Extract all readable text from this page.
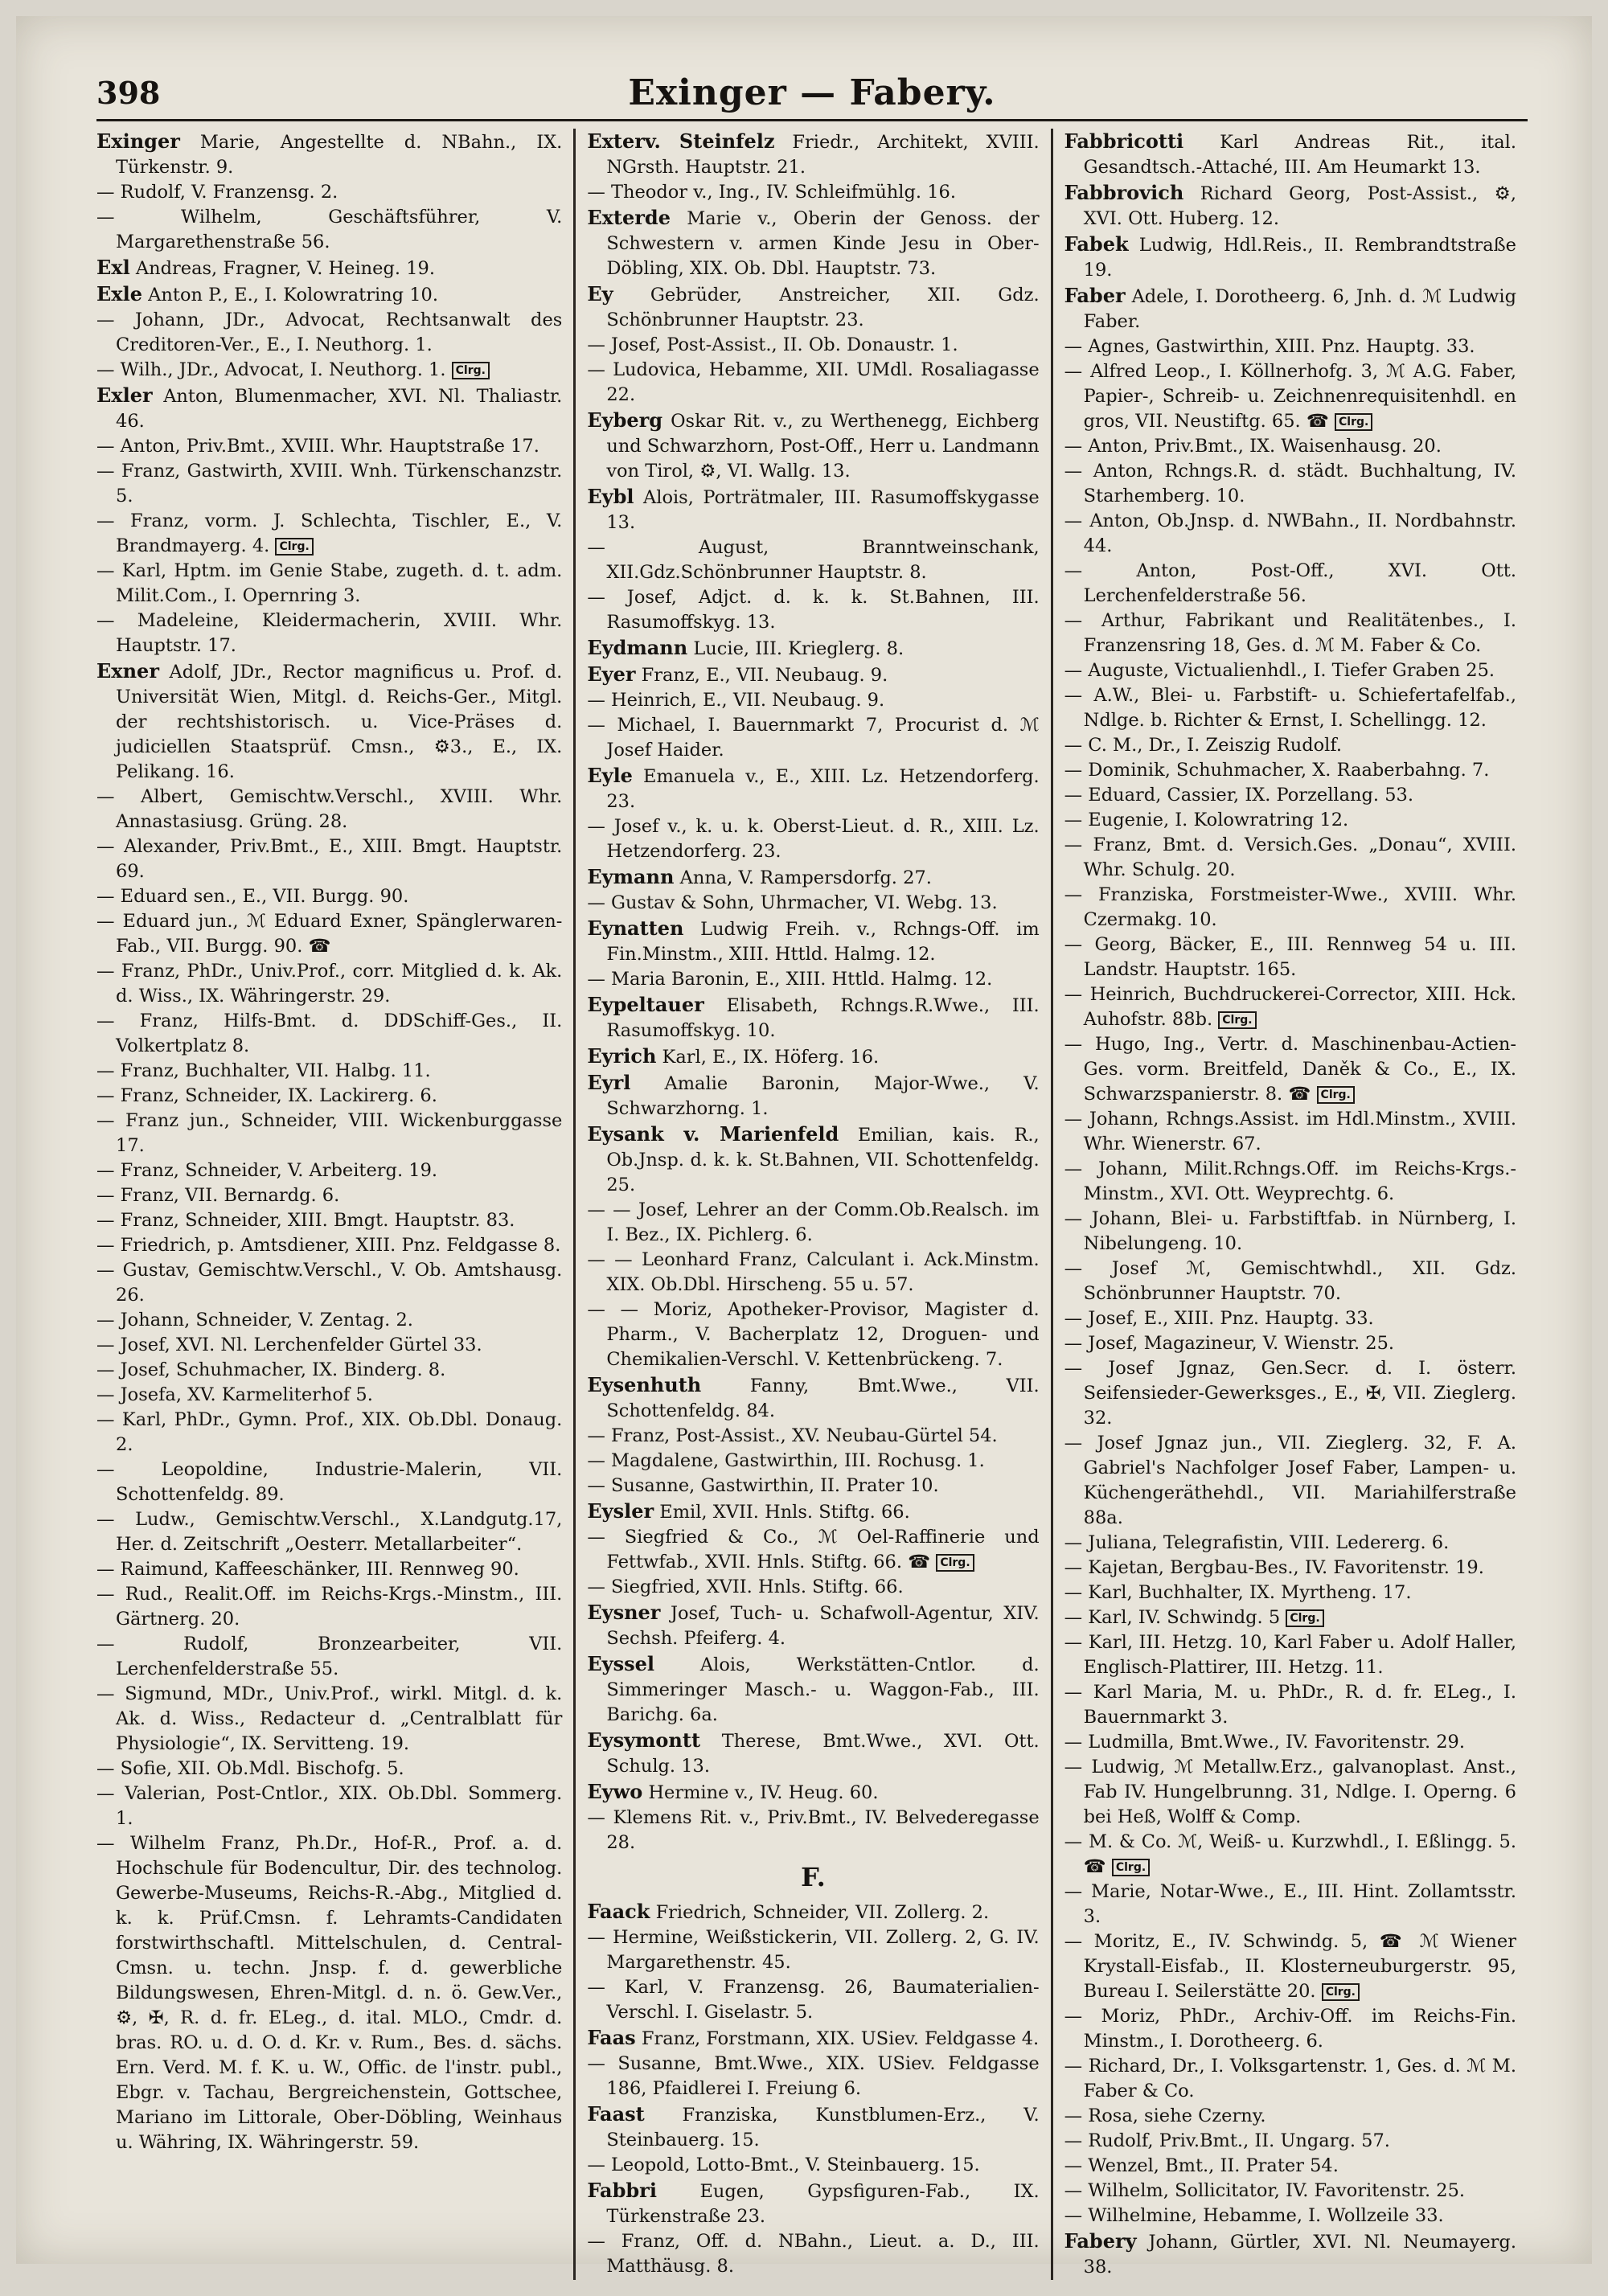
398	Exinger — Fabery.

Exinger Marie, Angestellte d. NBahn., IX. Türkenstr. 9.

— Rudolf, V. Franzensg. 2.

— Wilhelm, Geschäftsführer, V. Margarethenstraße 56.

Exl Andreas, Fragner, V. Heineg. 19.

Exle Anton P., E., I. Kolowratring 10.

— Johann, JDr., Advocat, Rechtsanwalt des Creditoren-Ver., E., I. Neuthorg. 1.

— Wilh., JDr., Advocat, I. Neuthorg. 1. Clrg.

Exler Anton, Blumenmacher, XVI. Nl. Thaliastr. 46.

— Anton, Priv.Bmt., XVIII. Whr. Hauptstraße 17.

— Franz, Gastwirth, XVIII. Wnh. Türkenschanzstr. 5.

— Franz, vorm. J. Schlechta, Tischler, E., V. Brandmayerg. 4. Clrg.

— Karl, Hptm. im Genie Stabe, zugeth. d. t. adm. Milit.Com., I. Opernring 3.

— Madeleine, Kleidermacherin, XVIII. Whr. Hauptstr. 17.

Exner Adolf, JDr., Rector magnificus u. Prof. d. Universität Wien, Mitgl. d. Reichs-Ger., Mitgl. der rechtshistorisch. u. Vice-Präses d. judiciellen Staatsprüf. Cmsn., ⚙3., E., IX. Pelikang. 16.

— Albert, Gemischtw.Verschl., XVIII. Whr. Annastasiusg. Grüng. 28.

— Alexander, Priv.Bmt., E., XIII. Bmgt. Hauptstr. 69.

— Eduard sen., E., VII. Burgg. 90.

— Eduard jun., ℳ Eduard Exner, Spänglerwaren-Fab., VII. Burgg. 90. ☎

— Franz, PhDr., Univ.Prof., corr. Mitglied d. k. Ak. d. Wiss., IX. Währingerstr. 29.

— Franz, Hilfs-Bmt. d. DDSchiff-Ges., II. Volkertplatz 8.

— Franz, Buchhalter, VII. Halbg. 11.

— Franz, Schneider, IX. Lackirerg. 6.

— Franz jun., Schneider, VIII. Wickenburggasse 17.

— Franz, Schneider, V. Arbeiterg. 19.

— Franz, VII. Bernardg. 6.

— Franz, Schneider, XIII. Bmgt. Hauptstr. 83.

— Friedrich, p. Amtsdiener, XIII. Pnz. Feldgasse 8.

— Gustav, Gemischtw.Verschl., V. Ob. Amtshausg. 26.

— Johann, Schneider, V. Zentag. 2.

— Josef, XVI. Nl. Lerchenfelder Gürtel 33.

— Josef, Schuhmacher, IX. Binderg. 8.

— Josefa, XV. Karmeliterhof 5.

— Karl, PhDr., Gymn. Prof., XIX. Ob.Dbl. Donaug. 2.

— Leopoldine, Industrie-Malerin, VII. Schottenfeldg. 89.

— Ludw., Gemischtw.Verschl., X.Landgutg.17, Her. d. Zeitschrift „Oesterr. Metallarbeiter“.

— Raimund, Kaffeeschänker, III. Rennweg 90.

— Rud., Realit.Off. im Reichs-Krgs.-Minstm., III. Gärtnerg. 20.

— Rudolf, Bronzearbeiter, VII. Lerchenfelderstraße 55.

— Sigmund, MDr., Univ.Prof., wirkl. Mitgl. d. k. Ak. d. Wiss., Redacteur d. „Centralblatt für Physiologie“, IX. Servitteng. 19.

— Sofie, XII. Ob.Mdl. Bischofg. 5.

— Valerian, Post-Cntlor., XIX. Ob.Dbl. Sommerg. 1.

— Wilhelm Franz, Ph.Dr., Hof-R., Prof. a. d. Hochschule für Bodencultur, Dir. des technolog. Gewerbe-Museums, Reichs-R.-Abg., Mitglied d. k. k. Prüf.Cmsn. f. Lehramts-Candidaten forstwirthschaftl. Mittelschulen, d. Central-Cmsn. u. techn. Jnsp. f. d. gewerbliche Bildungswesen, Ehren-Mitgl. d. n. ö. Gew.Ver., ⚙, ✠, R. d. fr. ELeg., d. ital. MLO., Cmdr. d. bras. RO. u. d. O. d. Kr. v. Rum., Bes. d. sächs. Ern. Verd. M. f. K. u. W., Offic. de l'instr. publ., Ebgr. v. Tachau, Bergreichenstein, Gottschee, Mariano im Littorale, Ober-Döbling, Weinhaus u. Währing, IX. Währingerstr. 59.

Exterv. Steinfelz Friedr., Architekt, XVIII. NGrsth. Hauptstr. 21.

— Theodor v., Ing., IV. Schleifmühlg. 16.

Exterde Marie v., Oberin der Genoss. der Schwestern v. armen Kinde Jesu in Ober-Döbling, XIX. Ob. Dbl. Hauptstr. 73.

Ey Gebrüder, Anstreicher, XII. Gdz. Schönbrunner Hauptstr. 23.

— Josef, Post-Assist., II. Ob. Donaustr. 1.

— Ludovica, Hebamme, XII. UMdl. Rosaliagasse 22.

Eyberg Oskar Rit. v., zu Werthenegg, Eichberg und Schwarzhorn, Post-Off., Herr u. Landmann von Tirol, ⚙, VI. Wallg. 13.

Eybl Alois, Porträtmaler, III. Rasumoffskygasse 13.

— August, Branntweinschank, XII.Gdz.Schönbrunner Hauptstr. 8.

— Josef, Adjct. d. k. k. St.Bahnen, III. Rasumoffskyg. 13.

Eydmann Lucie, III. Krieglerg. 8.

Eyer Franz, E., VII. Neubaug. 9.

— Heinrich, E., VII. Neubaug. 9.

— Michael, I. Bauernmarkt 7, Procurist d. ℳ Josef Haider.

Eyle Emanuela v., E., XIII. Lz. Hetzendorferg. 23.

— Josef v., k. u. k. Oberst-Lieut. d. R., XIII. Lz. Hetzendorferg. 23.

Eymann Anna, V. Rampersdorfg. 27.

— Gustav & Sohn, Uhrmacher, VI. Webg. 13.

Eynatten Ludwig Freih. v., Rchngs-Off. im Fin.Minstm., XIII. Httld. Halmg. 12.

— Maria Baronin, E., XIII. Httld. Halmg. 12.

Eypeltauer Elisabeth, Rchngs.R.Wwe., III. Rasumoffskyg. 10.

Eyrich Karl, E., IX. Höferg. 16.

Eyrl Amalie Baronin, Major-Wwe., V. Schwarzhorng. 1.

Eysank v. Marienfeld Emilian, kais. R., Ob.Jnsp. d. k. k. St.Bahnen, VII. Schottenfeldg. 25.

— — Josef, Lehrer an der Comm.Ob.Realsch. im I. Bez., IX. Pichlerg. 6.

— — Leonhard Franz, Calculant i. Ack.Minstm. XIX. Ob.Dbl. Hirscheng. 55 u. 57.

— — Moriz, Apotheker-Provisor, Magister d. Pharm., V. Bacherplatz 12, Droguen- und Chemikalien-Verschl. V. Kettenbrückeng. 7.

Eysenhuth	Fanny, Bmt.Wwe., VII. Schottenfeldg. 84.

— Franz, Post-Assist., XV. Neubau-Gürtel 54.

— Magdalene, Gastwirthin, III. Rochusg. 1.

— Susanne, Gastwirthin, II. Prater 10.

Eysler Emil, XVII. Hnls. Stiftg. 66.

— Siegfried & Co., ℳ Oel-Raffinerie und Fettwfab., XVII. Hnls. Stiftg. 66. ☎ Clrg.

— Siegfried, XVII. Hnls. Stiftg. 66.

Eysner Josef, Tuch- u. Schafwoll-Agentur, XIV. Sechsh. Pfeiferg. 4.

Eyssel	Alois, Werkstätten-Cntlor. d. Simmeringer Masch.- u. Waggon-Fab., III. Barichg. 6a.

Eysymontt Therese, Bmt.Wwe., XVI. Ott. Schulg. 13.

Eywo Hermine v., IV. Heug. 60.

— Klemens Rit. v., Priv.Bmt., IV. Belvederegasse 28.

F.

Faack Friedrich, Schneider, VII. Zollerg. 2.

— Hermine, Weißstickerin, VII. Zollerg. 2, G. IV. Margarethenstr. 45.

— Karl, V. Franzensg. 26, Baumaterialien-Verschl. I. Giselastr. 5.

Faas Franz, Forstmann, XIX. USiev. Feldgasse 4.

— Susanne, Bmt.Wwe., XIX. USiev. Feldgasse 186, Pfaidlerei I. Freiung 6.

Faast Franziska, Kunstblumen-Erz., V. Steinbauerg. 15.

— Leopold, Lotto-Bmt., V. Steinbauerg. 15.

Fabbri Eugen, Gypsfiguren-Fab., IX. Türkenstraße 23.

— Franz, Off. d. NBahn., Lieut. a. D., III. Matthäusg. 8.

Fabbricotti Karl Andreas Rit., ital. Gesandtsch.-Attaché, III. Am Heumarkt 13.

Fabbrovich Richard Georg, Post-Assist., ⚙, XVI. Ott. Huberg. 12.

Fabek Ludwig, Hdl.Reis., II. Rembrandtstraße 19.

Faber Adele, I. Dorotheerg. 6, Jnh. d. ℳ Ludwig Faber.

— Agnes, Gastwirthin, XIII. Pnz. Hauptg. 33.

— Alfred Leop., I. Köllnerhofg. 3, ℳ A.G. Faber, Papier-, Schreib- u. Zeichnenrequisitenhdl. en gros, VII. Neustiftg. 65. ☎ Clrg.

— Anton, Priv.Bmt., IX. Waisenhausg. 20.

— Anton, Rchngs.R. d. städt. Buchhaltung, IV. Starhemberg. 10.

— Anton, Ob.Jnsp. d. NWBahn., II. Nordbahnstr. 44.

— Anton, Post-Off., XVI. Ott. Lerchenfelderstraße 56.

— Arthur, Fabrikant und Realitätenbes., I. Franzensring 18, Ges. d. ℳ M. Faber & Co.

— Auguste, Victualienhdl., I. Tiefer Graben 25.

— A.W., Blei- u. Farbstift- u. Schiefertafelfab., Ndlge. b. Richter & Ernst, I. Schellingg. 12.

— C. M., Dr., I. Zeiszig Rudolf.

— Dominik, Schuhmacher, X. Raaberbahng. 7.

— Eduard, Cassier, IX. Porzellang. 53.

— Eugenie, I. Kolowratring 12.

— Franz, Bmt. d. Versich.Ges. „Donau“, XVIII. Whr. Schulg. 20.

— Franziska, Forstmeister-Wwe., XVIII. Whr. Czermakg. 10.

— Georg, Bäcker, E., III. Rennweg 54 u. III. Landstr. Hauptstr. 165.

— Heinrich, Buchdruckerei-Corrector, XIII. Hck. Auhofstr. 88b. Clrg.

— Hugo, Ing., Vertr. d. Maschinenbau-Actien-Ges. vorm. Breitfeld, Daněk & Co., E., IX. Schwarzspanierstr. 8. ☎ Clrg.

— Johann, Rchngs.Assist. im Hdl.Minstm., XVIII. Whr. Wienerstr. 67.

— Johann, Milit.Rchngs.Off. im Reichs-Krgs.-Minstm., XVI. Ott. Weyprechtg. 6.

— Johann, Blei- u. Farbstiftfab. in Nürnberg, I. Nibelungeng. 10.

— Josef ℳ, Gemischtwhdl., XII. Gdz. Schönbrunner Hauptstr. 70.

— Josef, E., XIII. Pnz. Hauptg. 33.

— Josef, Magazineur, V. Wienstr. 25.

— Josef Jgnaz, Gen.Secr. d. I. österr. Seifensieder-Gewerksges., E., ✠, VII. Zieglerg. 32.

— Josef Jgnaz jun., VII. Zieglerg. 32, F. A. Gabriel's Nachfolger Josef Faber, Lampen- u. Küchengeräthehdl., VII. Mariahilferstraße 88a.

— Juliana, Telegrafistin, VIII. Ledererg. 6.

— Kajetan, Bergbau-Bes., IV. Favoritenstr. 19.

— Karl, Buchhalter, IX. Myrtheng. 17.

— Karl, IV. Schwindg. 5 Clrg.

— Karl, III. Hetzg. 10, Karl Faber u. Adolf Haller, Englisch-Plattirer, III. Hetzg. 11.

— Karl Maria, M. u. PhDr., R. d. fr. ELeg., I. Bauernmarkt 3.

— Ludmilla, Bmt.Wwe., IV. Favoritenstr. 29.

— Ludwig, ℳ Metallw.Erz., galvanoplast. Anst., Fab IV. Hungelbrunng. 31, Ndlge. I. Operng. 6 bei Heß, Wolff & Comp.

— M. & Co. ℳ, Weiß- u. Kurzwhdl., I. Eßlingg. 5. ☎ Clrg.

— Marie, Notar-Wwe., E., III. Hint. Zollamtsstr. 3.

— Moritz, E., IV. Schwindg. 5, ☎ ℳ Wiener Krystall-Eisfab., II. Klosterneuburgerstr. 95, Bureau I. Seilerstätte 20. Clrg.

— Moriz, PhDr., Archiv-Off. im Reichs-Fin. Minstm., I. Dorotheerg. 6.

— Richard, Dr., I. Volksgartenstr. 1, Ges. d. ℳ M. Faber & Co.

— Rosa, siehe Czerny.

— Rudolf, Priv.Bmt., II. Ungarg. 57.

— Wenzel, Bmt., II. Prater 54.

— Wilhelm, Sollicitator, IV. Favoritenstr. 25.

— Wilhelmine, Hebamme, I. Wollzeile 33.

Fabery Johann, Gürtler, XVI. Nl. Neumayerg. 38.
